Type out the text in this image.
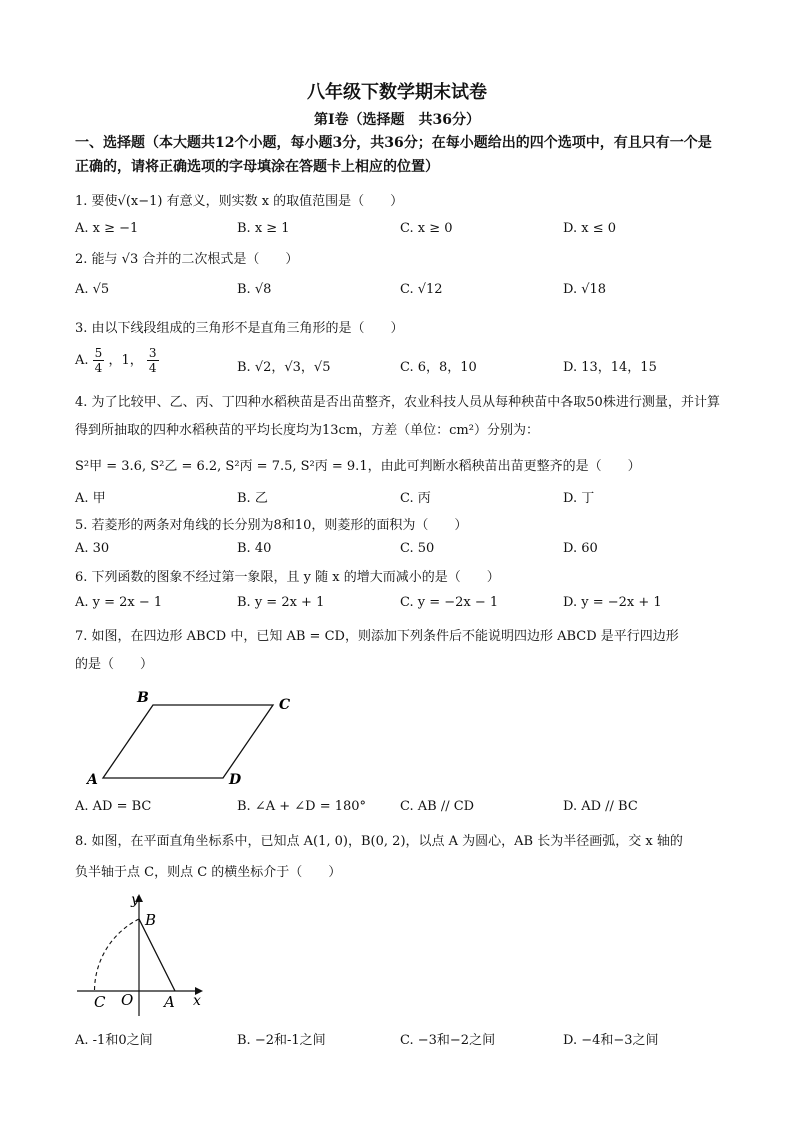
八年级下数学期末试卷
第Ⅰ卷（选择题　共36分）
一、选择题（本大题共12个小题，每小题3分，共36分；在每小题给出的四个选项中，有且只有一个是正确的，请将正确选项的字母填涂在答题卡上相应的位置）
1. 要使√(x−1) 有意义，则实数 x 的取值范围是（　　）
A. x ≥ −1	B. x ≥ 1	C. x ≥ 0	D. x ≤ 0
2. 能与 √3 合并的二次根式是（　　）
A. √5	B. √8	C. √12	D. √18
3. 由以下线段组成的三角形不是直角三角形的是（　　）
A. $\frac{5}{4}$ ，1， $\frac{3}{4}$	B. √2，√3，√5	C. 6，8，10	D. 13，14，15
4. 为了比较甲、乙、丙、丁四种水稻秧苗是否出苗整齐，农业科技人员从每种秧苗中各取50株进行测量，并计算得到所抽取的四种水稻秧苗的平均长度均为13cm，方差（单位：cm²）分别为：
S²甲 = 3.6, S²乙 = 6.2, S²丙 = 7.5, S²丙 = 9.1，由此可判断水稻秧苗出苗更整齐的是（　　）
A. 甲	B. 乙	C. 丙	D. 丁
5. 若菱形的两条对角线的长分别为8和10，则菱形的面积为（　　）
A. 30	B. 40	C. 50	D. 60
6. 下列函数的图象不经过第一象限，且 y 随 x 的增大而减小的是（　　）
A. y = 2x − 1	B. y = 2x + 1	C. y = −2x − 1	D. y = −2x + 1
7. 如图，在四边形 ABCD 中，已知 AB = CD，则添加下列条件后不能说明四边形 ABCD 是平行四边形
的是（　　）
A
B	C
D
A. AD = BC	B. ∠A + ∠D = 180°	C. AB // CD	D. AD // BC
8. 如图，在平面直角坐标系中，已知点 A(1, 0)，B(0, 2)，以点 A 为圆心，AB 长为半径画弧，交 x 轴的
负半轴于点 C，则点 C 的横坐标介于（　　）
y
x
B
C O A
A. -1和0之间	B. −2和-1之间	C. −3和−2之间	D. −4和−3之间
